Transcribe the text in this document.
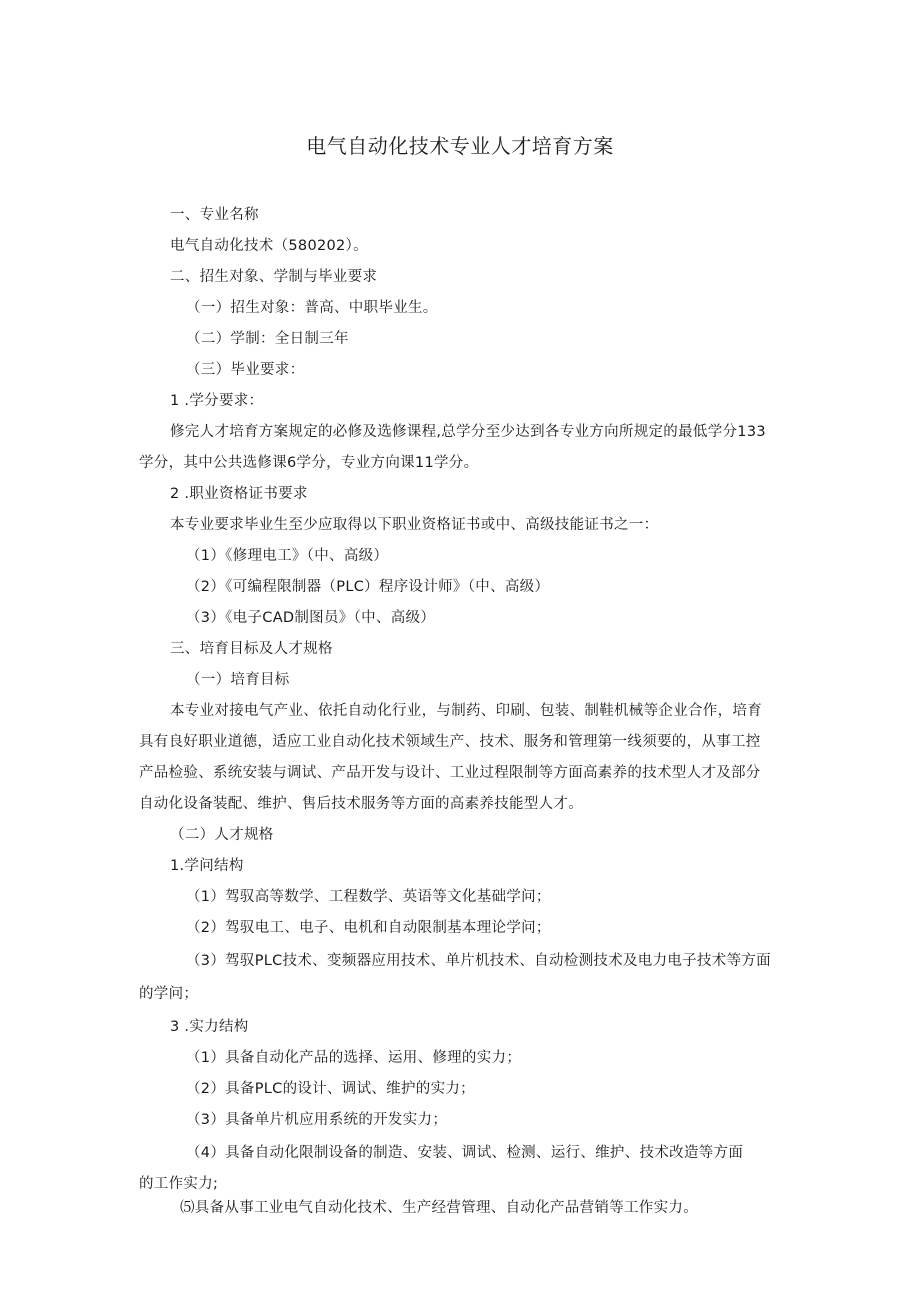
电气自动化技术专业人才培育方案
一、专业名称
电气自动化技术（580202）。
二、招生对象、学制与毕业要求
（一）招生对象：普高、中职毕业生。
（二）学制：全日制三年
（三）毕业要求：
1 .学分要求：
修完人才培育方案规定的必修及选修课程,总学分至少达到各专业方向所规定的最低学分133
学分，其中公共选修课6学分，专业方向课11学分。
2 .职业资格证书要求
本专业要求毕业生至少应取得以下职业资格证书或中、高级技能证书之一：
（1）《修理电工》（中、高级）
（2）《可编程限制器（PLC）程序设计师》（中、高级）
（3）《电子CAD制图员》（中、高级）
三、培育目标及人才规格
（一）培育目标
本专业对接电气产业、依托自动化行业，与制药、印刷、包装、制鞋机械等企业合作，培育
具有良好职业道德，适应工业自动化技术领域生产、技术、服务和管理第一线须要的，从事工控
产品检验、系统安装与调试、产品开发与设计、工业过程限制等方面高素养的技术型人才及部分
自动化设备装配、维护、售后技术服务等方面的高素养技能型人才。
（二）人才规格
1.学问结构
（1）驾驭高等数学、工程数学、英语等文化基础学问；
（2）驾驭电工、电子、电机和自动限制基本理论学问；
（3）驾驭PLC技术、变频器应用技术、单片机技术、自动检测技术及电力电子技术等方面
的学问；
3 .实力结构
（1）具备自动化产品的选择、运用、修理的实力；
（2）具备PLC的设计、调试、维护的实力；
（3）具备单片机应用系统的开发实力；
（4）具备自动化限制设备的制造、安装、调试、检测、运行、维护、技术改造等方面
的工作实力;
⑸具备从事工业电气自动化技术、生产经营管理、自动化产品营销等工作实力。
